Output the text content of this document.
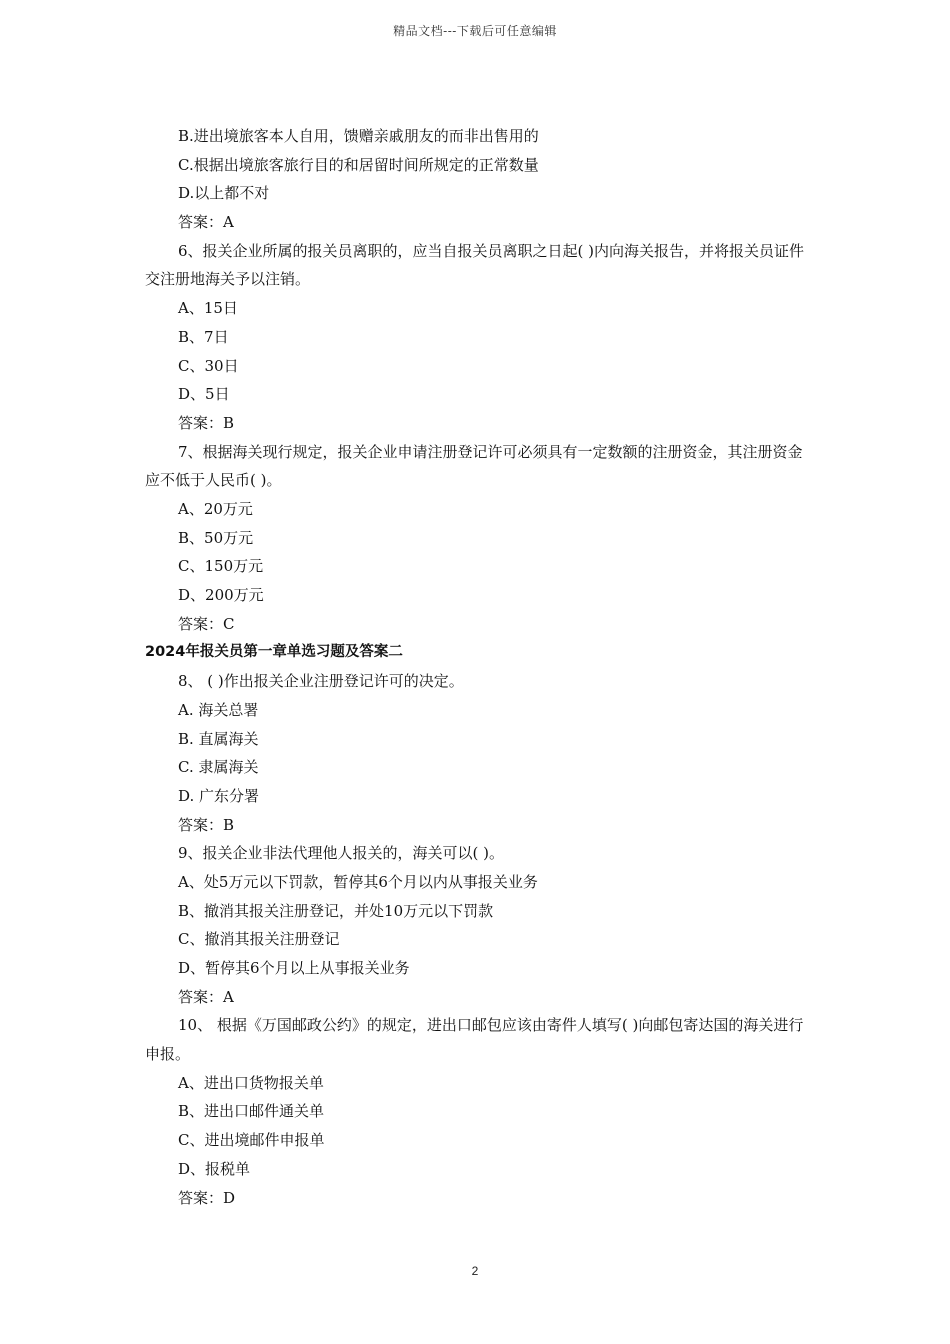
精品文档---下载后可任意编辑
B.进出境旅客本人自用，馈赠亲戚朋友的而非出售用的
C.根据出境旅客旅行目的和居留时间所规定的正常数量
D.以上都不对
答案：A
6、报关企业所属的报关员离职的，应当自报关员离职之日起( )内向海关报告，并将报关员证件交注册地海关予以注销。
A、15日
B、7日
C、30日
D、5日
答案：B
7、根据海关现行规定，报关企业申请注册登记许可必须具有一定数额的注册资金，其注册资金应不低于人民币( )。
A、20万元
B、50万元
C、150万元
D、200万元
答案：C
2024年报关员第一章单选习题及答案二
8、 ( )作出报关企业注册登记许可的决定。
A. 海关总署
B. 直属海关
C. 隶属海关
D. 广东分署
答案：B
9、报关企业非法代理他人报关的，海关可以( )。
A、处5万元以下罚款，暂停其6个月以内从事报关业务
B、撤消其报关注册登记，并处10万元以下罚款
C、撤消其报关注册登记
D、暂停其6个月以上从事报关业务
答案：A
10、 根据《万国邮政公约》的规定，进出口邮包应该由寄件人填写( )向邮包寄达国的海关进行申报。
A、进出口货物报关单
B、进出口邮件通关单
C、进出境邮件申报单
D、报税单
答案：D
2
